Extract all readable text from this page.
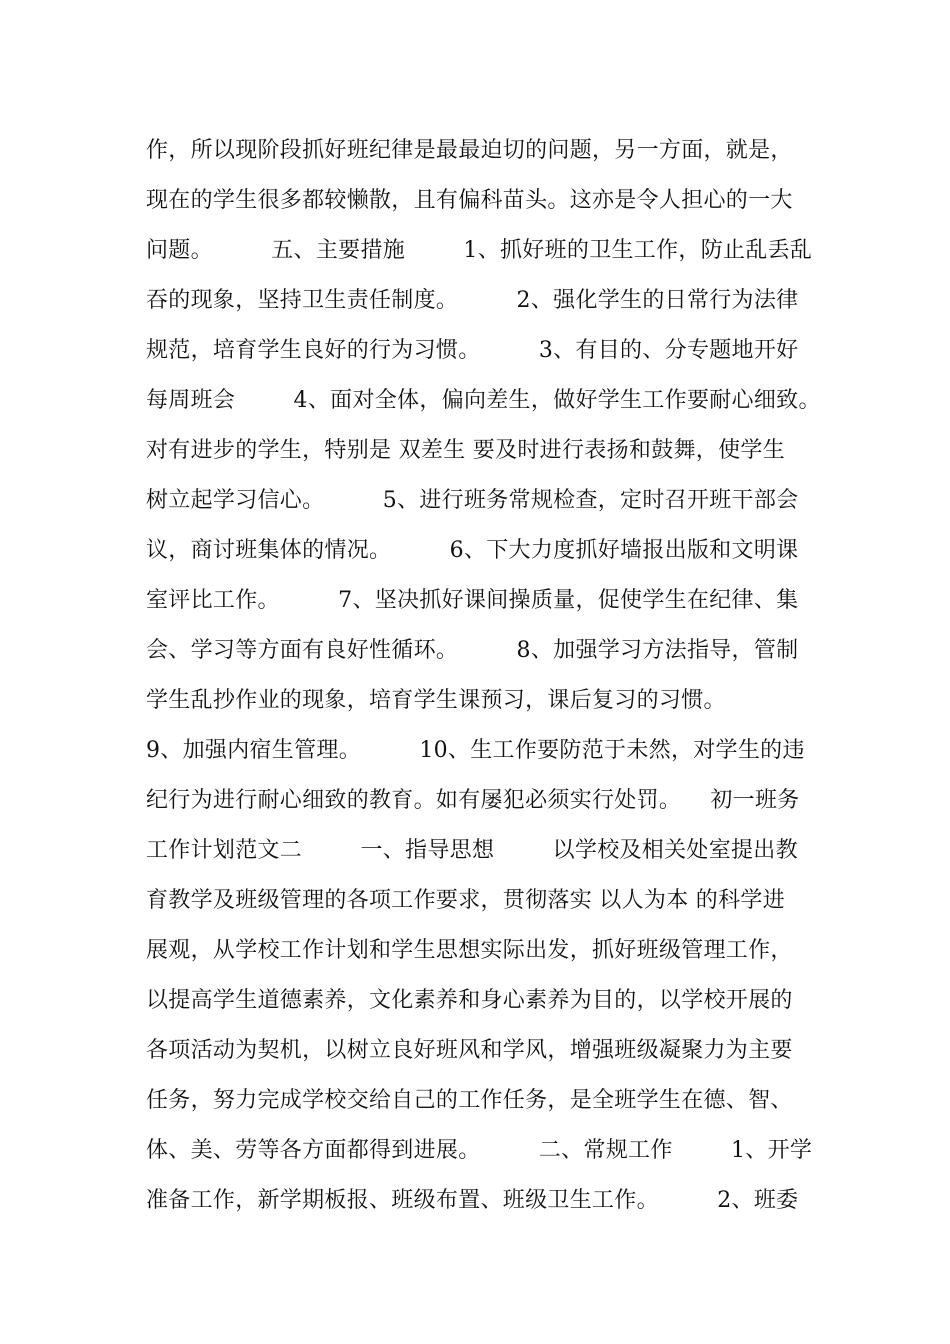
作，所以现阶段抓好班纪律是最最迫切的问题，另一方面，就是，
现在的学生很多都较懒散，且有偏科苗头。这亦是令人担心的一大
问题。        五、主要措施        1、抓好班的卫生工作，防止乱丢乱
吞的现象，坚持卫生责任制度。        2、强化学生的日常行为法律
规范，培育学生良好的行为习惯。        3、有目的、分专题地开好
每周班会        4、面对全体，偏向差生，做好学生工作要耐心细致。
对有进步的学生，特别是 双差生 要及时进行表扬和鼓舞，使学生
树立起学习信心。        5、进行班务常规检查，定时召开班干部会
议，商讨班集体的情况。        6、下大力度抓好墙报出版和文明课
室评比工作。        7、坚决抓好课间操质量，促使学生在纪律、集
会、学习等方面有良好性循环。        8、加强学习方法指导，管制
学生乱抄作业的现象，培育学生课预习，课后复习的习惯。
9、加强内宿生管理。        10、生工作要防范于未然，对学生的违
纪行为进行耐心细致的教育。如有屡犯必须实行处罚。    初一班务
工作计划范文二        一、指导思想        以学校及相关处室提出教
育教学及班级管理的各项工作要求，贯彻落实 以人为本 的科学进
展观，从学校工作计划和学生思想实际出发，抓好班级管理工作，
以提高学生道德素养，文化素养和身心素养为目的，以学校开展的
各项活动为契机，以树立良好班风和学风，增强班级凝聚力为主要
任务，努力完成学校交给自己的工作任务，是全班学生在德、智、
体、美、劳等各方面都得到进展。        二、常规工作        1、开学
准备工作，新学期板报、班级布置、班级卫生工作。        2、班委
